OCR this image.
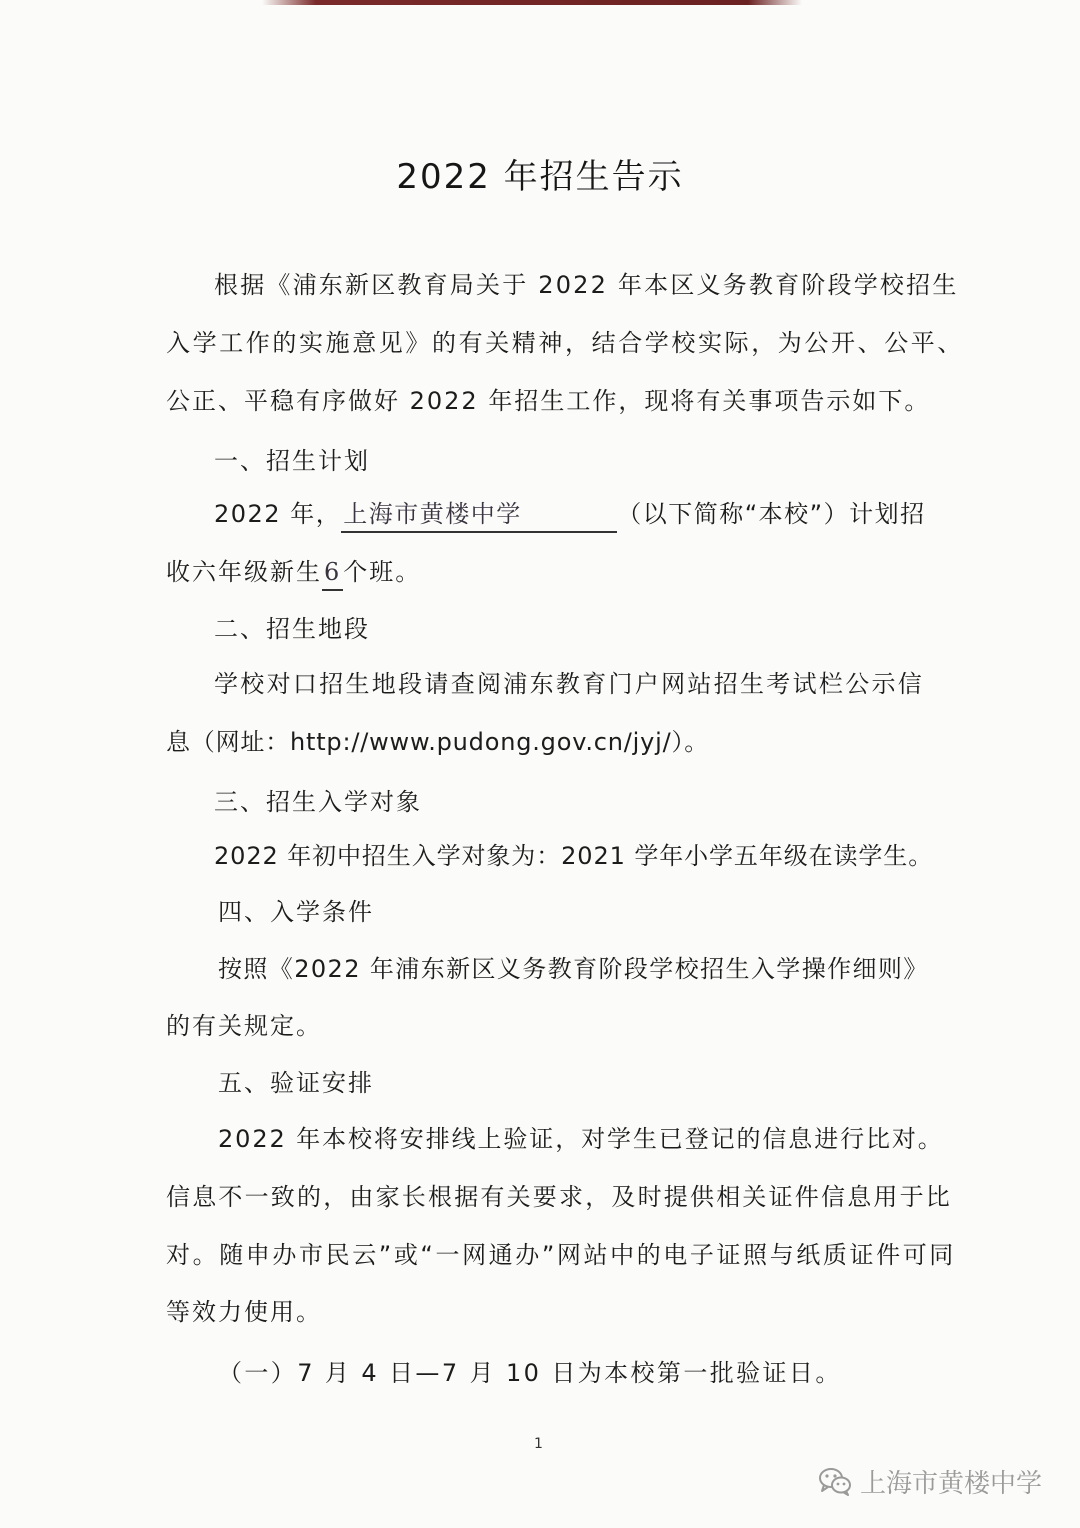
2022 年招生告示
根据《浦东新区教育局关于 2022 年本区义务教育阶段学校招生
入学工作的实施意见》的有关精神，结合学校实际，为公开、公平、
公正、平稳有序做好 2022 年招生工作，现将有关事项告示如下。
一、招生计划
2022 年，上海市黄楼中学	（以下简称“本校”）计划招
收六年级新生6个班。
二、招生地段
学校对口招生地段请查阅浦东教育门户网站招生考试栏公示信
息（网址：http://www.pudong.gov.cn/jyj/）。
三、招生入学对象
2022 年初中招生入学对象为：2021 学年小学五年级在读学生。
四、入学条件
按照《2022 年浦东新区义务教育阶段学校招生入学操作细则》
的有关规定。
五、验证安排
2022 年本校将安排线上验证，对学生已登记的信息进行比对。
信息不一致的，由家长根据有关要求，及时提供相关证件信息用于比
对。随申办市民云”或“一网通办”网站中的电子证照与纸质证件可同
等效力使用。
（一）7 月 4 日—7 月 10 日为本校第一批验证日。
1
上海市黄楼中学
